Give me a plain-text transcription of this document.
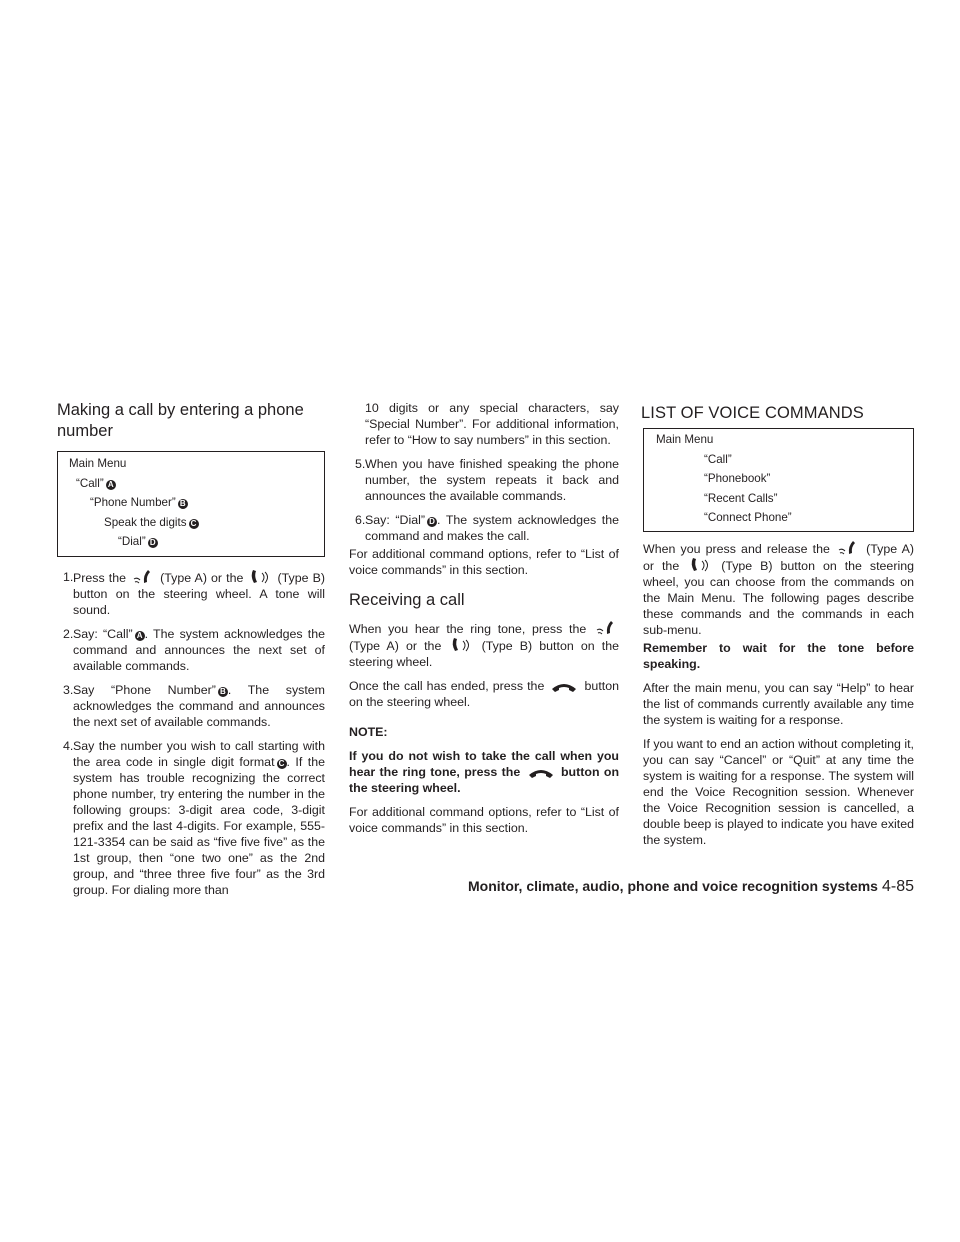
Making a call by entering a phone number
Main Menu
“Call” A
“Phone Number” B
Speak the digits C
“Dial” D
1. Press the	(Type A) or the	(Type B) button on the steering wheel. A tone will sound.
2. Say: “Call” A . The system acknowledges the command and announces the next set of available commands.
3. Say “Phone Number” B . The system acknowledges the command and announces the next set of available commands.
4. Say the number you wish to call starting with the area code in single digit format C . If the system has trouble recognizing the correct phone number, try entering the number in the following groups: 3-digit area code, 3-digit prefix and the last 4-digits. For example, 555-121-3354 can be said as “five five five” as the 1st group, then “one two one” as the 2nd group, and “three three five four” as the 3rd group. For dialing more than
10 digits or any special characters, say “Special Number”. For additional information, refer to “How to say numbers” in this section.
5. When you have finished speaking the phone number, the system repeats it back and announces the available commands.
6. Say: “Dial” D . The system acknowledges the command and makes the call.

For additional command options, refer to “List of voice commands” in this section.

Receiving a call

When you hear the ring tone, press the  (Type A) or the	(Type B) button on the steering wheel.

Once the call has ended, press the	button on the steering wheel.

NOTE:

If you do not wish to take the call when you hear the ring tone, press the	button on the steering wheel.

For additional command options, refer to “List of voice commands” in this section.

LIST OF VOICE COMMANDS
Main Menu
“Call”
“Phonebook”
“Recent Calls”
“Connect Phone”

When you press and release the	(Type A) or the	(Type B) button on the steering wheel, you can choose from the commands on the Main Menu. The following pages describe these commands and the commands in each sub-menu.

Remember to wait for the tone before speaking.

After the main menu, you can say “Help” to hear the list of commands currently available any time the system is waiting for a response.

If you want to end an action without completing it, you can say “Cancel” or “Quit” at any time the system is waiting for a response. The system will end the Voice Recognition session. Whenever the Voice Recognition session is cancelled, a double beep is played to indicate you have exited the system.

Monitor, climate, audio, phone and voice recognition systems 4-85
